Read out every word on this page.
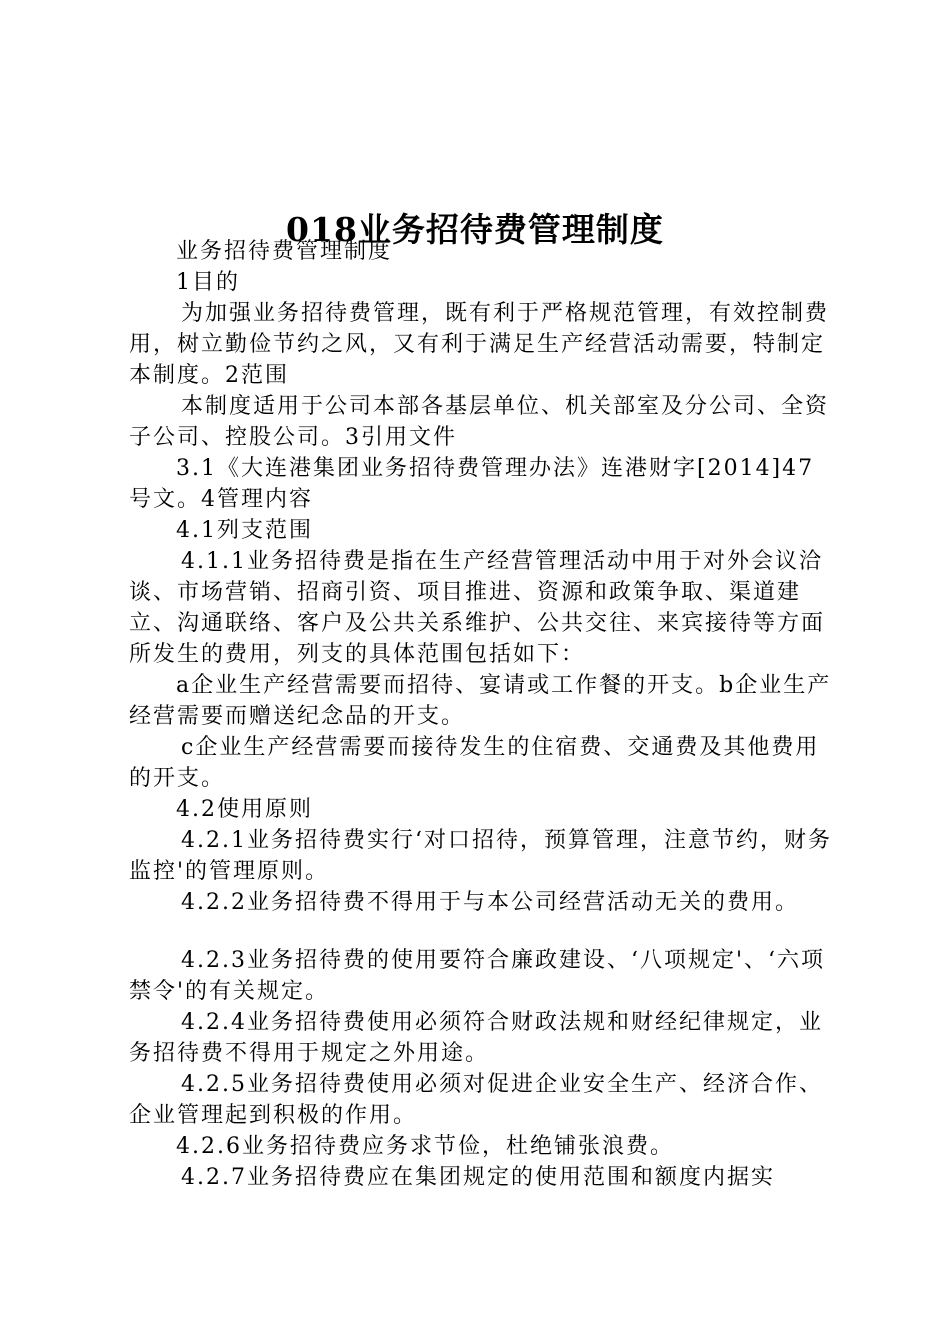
018业务招待费管理制度

业务招待费管理制度

1目的

为加强业务招待费管理，既有利于严格规范管理，有效控制费用，树立勤俭节约之风，又有利于满足生产经营活动需要，特制定本制度。2范围

本制度适用于公司本部各基层单位、机关部室及分公司、全资子公司、控股公司。3引用文件

3.1《大连港集团业务招待费管理办法》连港财字[2014]47号文。4管理内容

4.1列支范围

4.1.1业务招待费是指在生产经营管理活动中用于对外会议洽谈、市场营销、招商引资、项目推进、资源和政策争取、渠道建立、沟通联络、客户及公共关系维护、公共交往、来宾接待等方面所发生的费用，列支的具体范围包括如下：

a企业生产经营需要而招待、宴请或工作餐的开支。b企业生产经营需要而赠送纪念品的开支。

c企业生产经营需要而接待发生的住宿费、交通费及其他费用的开支。

4.2使用原则

4.2.1业务招待费实行‘对口招待，预算管理，注意节约，财务监控'的管理原则。

4.2.2业务招待费不得用于与本公司经营活动无关的费用。

4.2.3业务招待费的使用要符合廉政建设、‘八项规定'、‘六项禁令'的有关规定。

4.2.4业务招待费使用必须符合财政法规和财经纪律规定，业务招待费不得用于规定之外用途。

4.2.5业务招待费使用必须对促进企业安全生产、经济合作、企业管理起到积极的作用。

4.2.6业务招待费应务求节俭，杜绝铺张浪费。

4.2.7业务招待费应在集团规定的使用范围和额度内据实
